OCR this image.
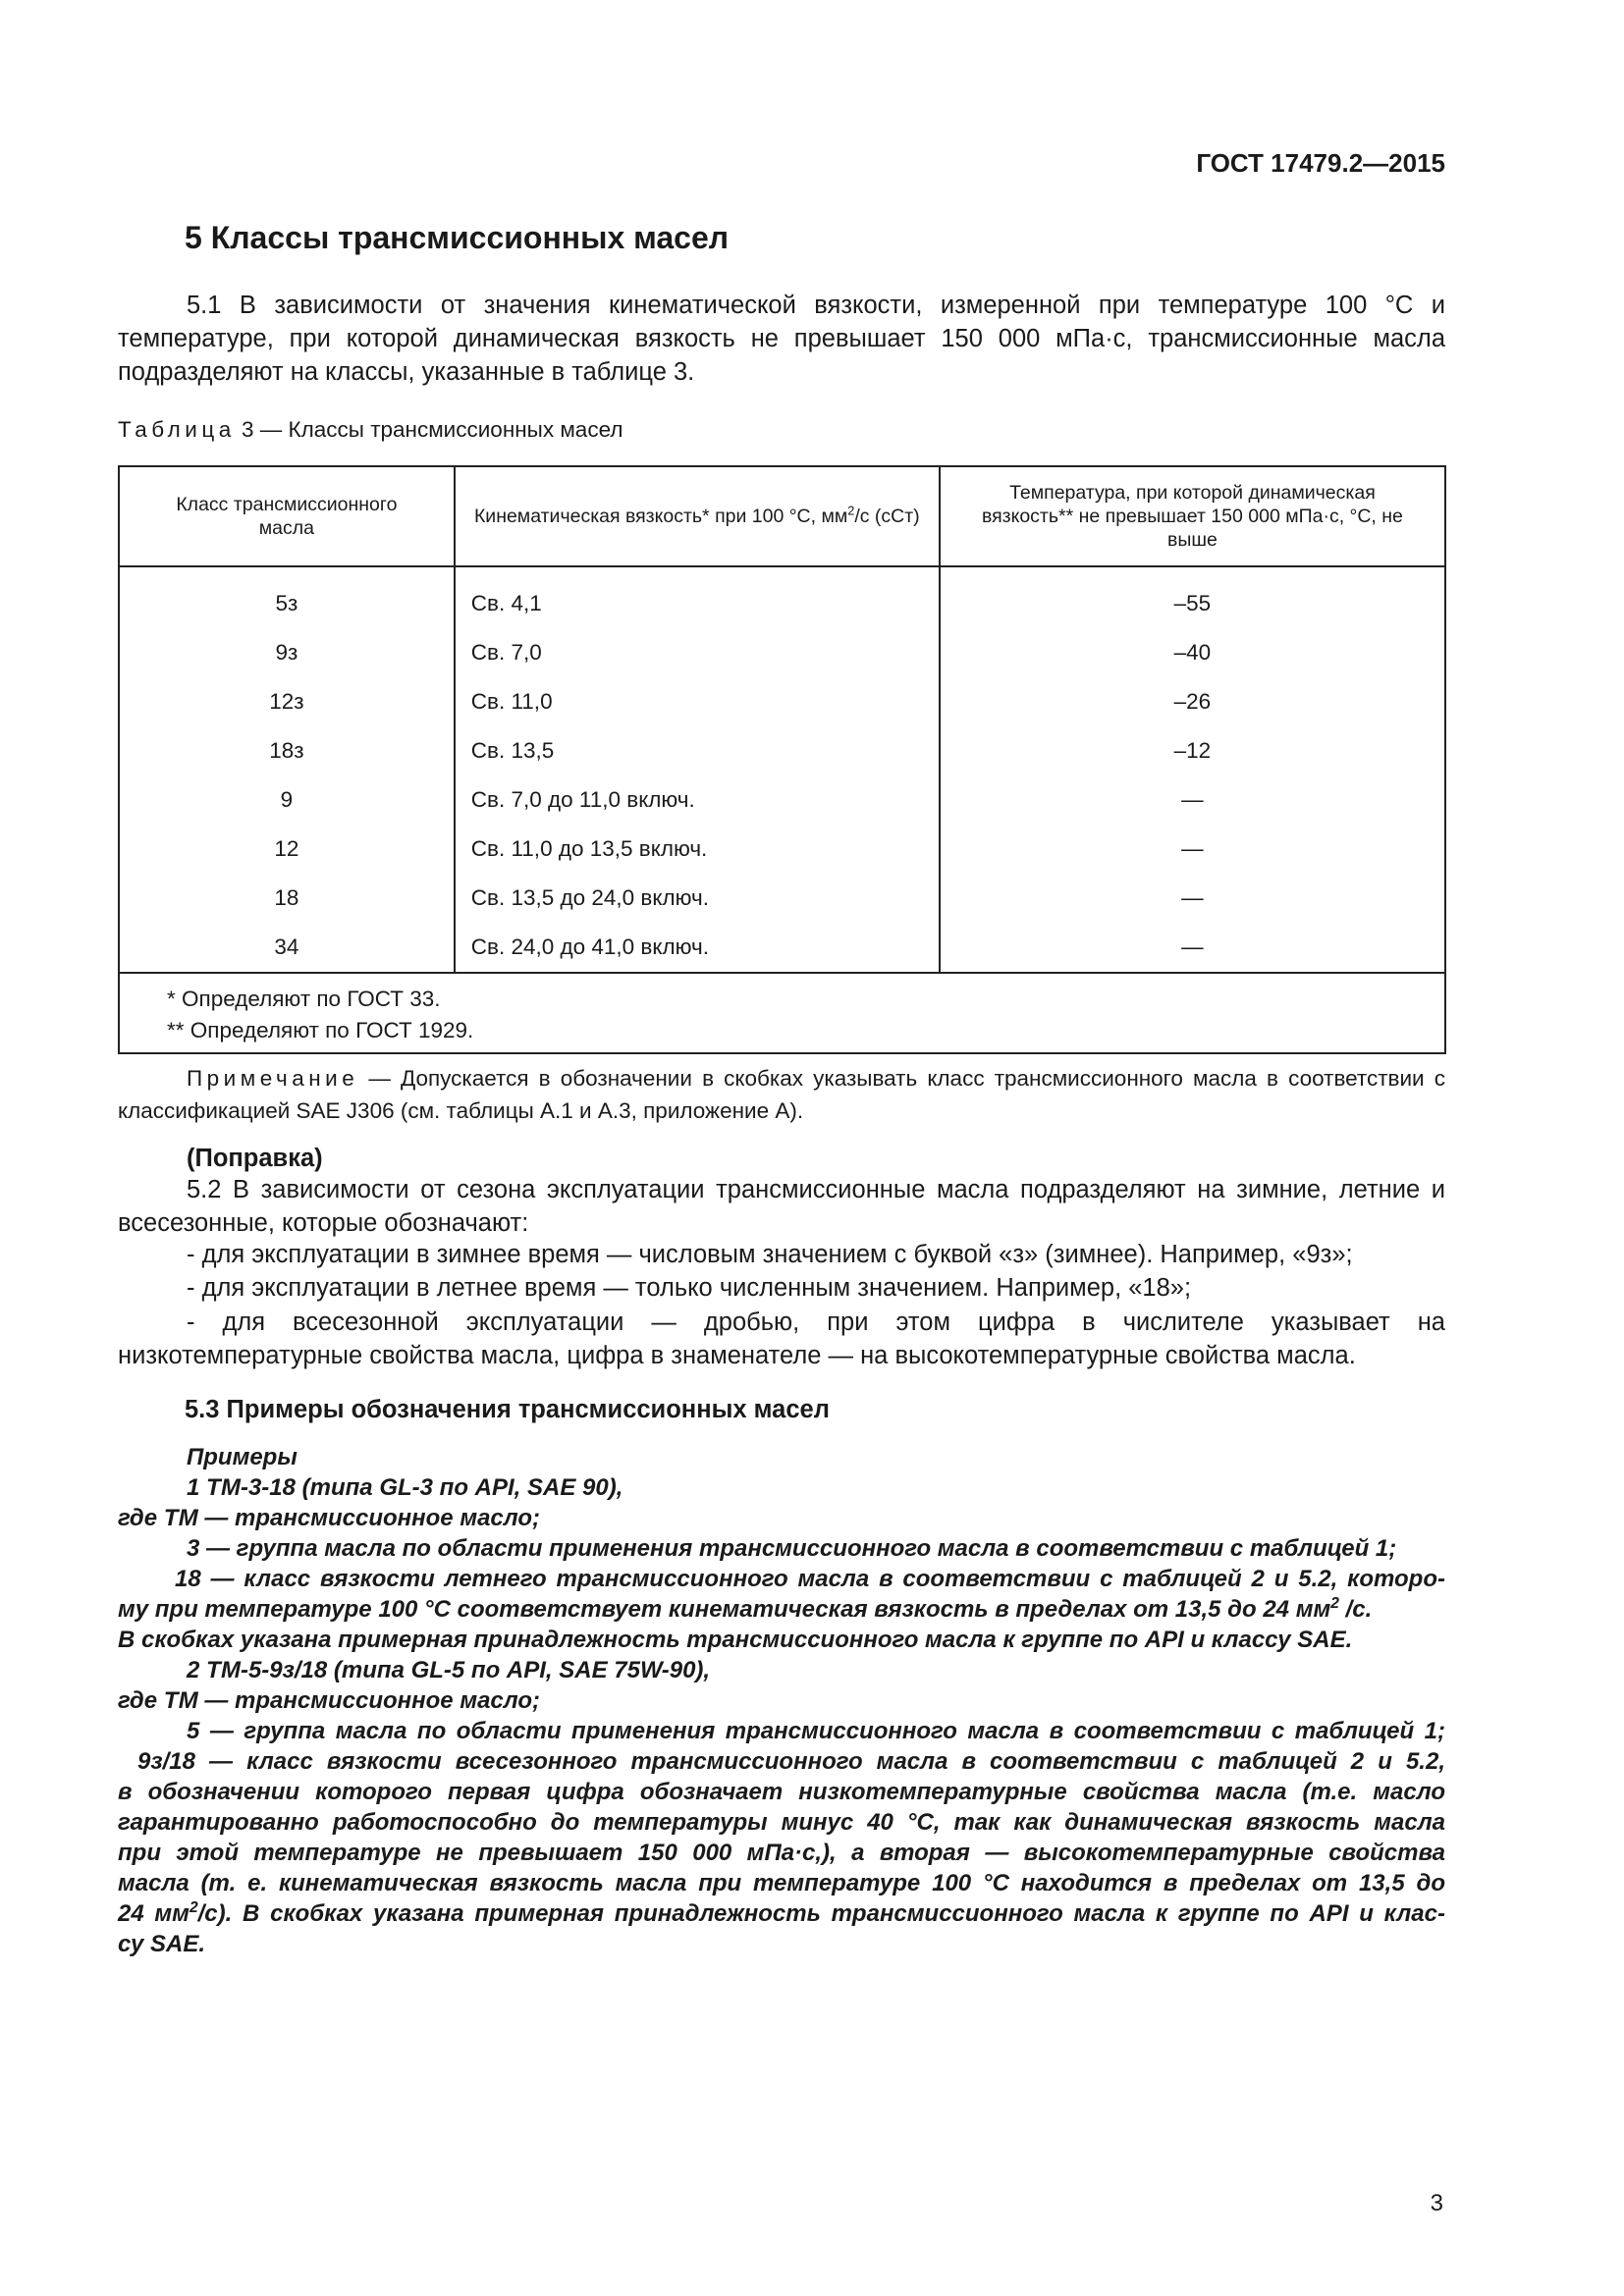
ГОСТ 17479.2—2015
5 Классы трансмиссионных масел
5.1 В зависимости от значения кинематической вязкости, измеренной при температуре 100 °С и температуре, при которой динамическая вязкость не превышает 150 000 мПа·с, трансмиссионные масла подразделяют на классы, указанные в таблице 3.
Таблица 3 — Классы трансмиссионных масел
Класс трансмиссионного масла	Кинематическая вязкость* при 100 °С, $мм^2/с$ (сСт)	Температура, при которой динамическая вязкость** не превышает 150 000 мПа·с, °С, не выше

5з	Св. 4,1	–55
9з	Св. 7,0	–40
12з	Св. 11,0	–26
18з	Св. 13,5	–12
9	Св. 7,0 до 11,0 включ.	—
12	Св. 11,0 до 13,5 включ.	—
18	Св. 13,5 до 24,0 включ.	—
34	Св. 24,0 до 41,0 включ.	—

* Определяют по ГОСТ 33.
** Определяют по ГОСТ 1929.		
Примечание — Допускается в обозначении в скобках указывать класс трансмиссионного масла в соответствии с классификацией SAE J306 (см. таблицы А.1 и А.3, приложение А).
(Поправка)
5.2 В зависимости от сезона эксплуатации трансмиссионные масла подразделяют на зимние, летние и всесезонные, которые обозначают:
- для эксплуатации в зимнее время — числовым значением с буквой «з» (зимнее). Например, «9з»;
- для эксплуатации в летнее время — только численным значением. Например, «18»;
- для всесезонной эксплуатации — дробью, при этом цифра в числителе указывает на низкотемпературные свойства масла, цифра в знаменателе — на высокотемпературные свойства масла.
5.3 Примеры обозначения трансмиссионных масел
Примеры
1 ТМ-3-18 (типа GL-3 по API, SAE 90),
где ТМ — трансмиссионное масло;
3 — группа масла по области применения трансмиссионного масла в соответствии с таблицей 1;
18 — класс вязкости летнего трансмиссионного масла в соответствии с таблицей 2 и 5.2, которо-
му при температуре 100 °С соответствует кинематическая вязкость в пределах от 13,5 до 24 $мм^2$ /с.
В скобках указана примерная принадлежность трансмиссионного масла к группе по API и классу SAE.
2 ТМ-5-9з/18 (типа GL-5 по API, SAE 75W-90),
где ТМ — трансмиссионное масло;
5 — группа масла по области применения трансмиссионного масла в соответствии с таблицей 1;
9з/18 — класс вязкости всесезонного трансмиссионного масла в соответствии с таблицей 2 и 5.2,
в обозначении которого первая цифра обозначает низкотемпературные свойства масла (т.е. масло
гарантированно работоспособно до температуры минус 40 °С, так как динамическая вязкость масла
при этой температуре не превышает 150 000 мПа·с,), а вторая — высокотемпературные свойства
масла (т. е. кинематическая вязкость масла при температуре 100 °С находится в пределах от 13,5 до
24 $мм^2/с$). В скобках указана примерная принадлежность трансмиссионного масла к группе по API и клас-
су SAE.
3
